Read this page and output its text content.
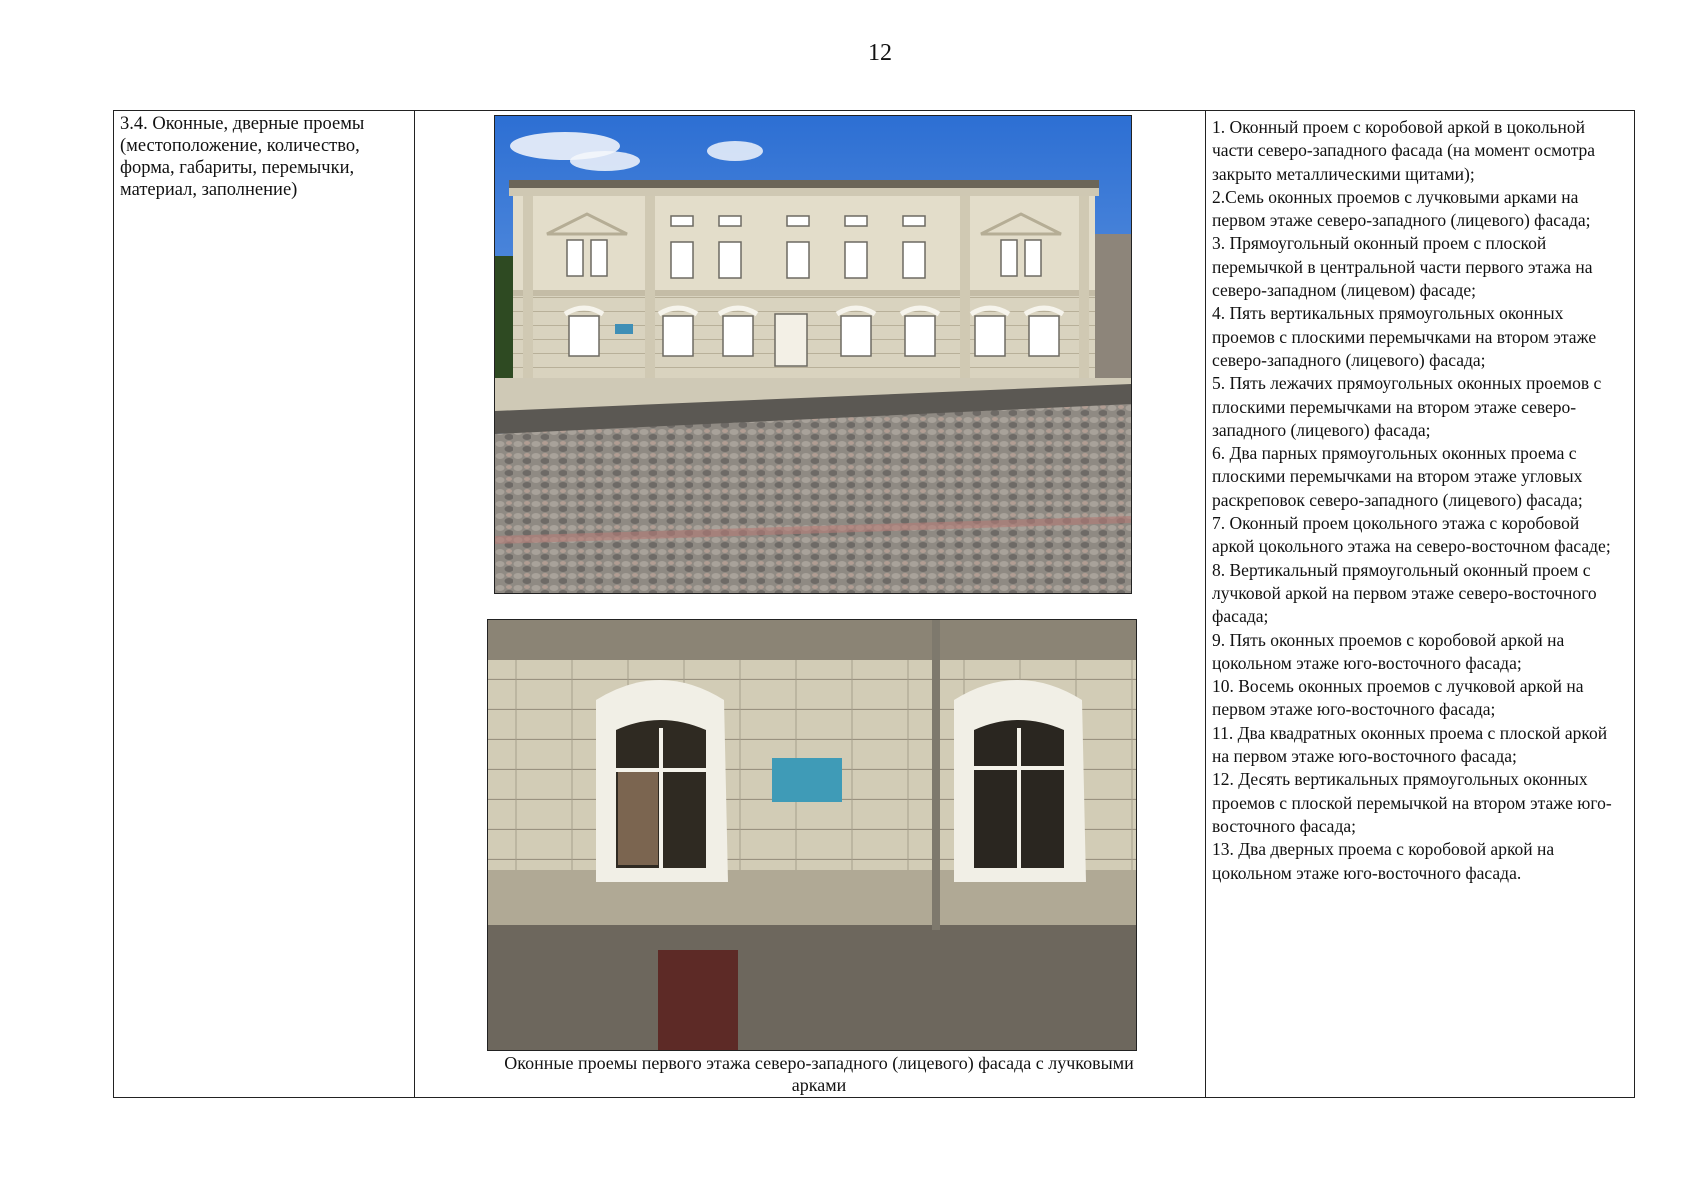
12
3.4. Оконные, дверные проемы (местоположение, количество, форма, габариты, перемычки, материал, заполнение)
Оконные проемы первого этажа северо-западного (лицевого) фасада с лучковыми арками

1. Оконный проем с коробовой аркой в цокольной части северо-западного фасада (на момент осмотра закрыто металлическими щитами);

2.Семь оконных проемов с лучковыми арками на первом этаже северо-западного (лицевого) фасада;

3. Прямоугольный оконный проем с плоской перемычкой в центральной части первого этажа на северо-западном (лицевом) фасаде;

4. Пять вертикальных прямоугольных оконных проемов с плоскими перемычками на втором этаже северо-западного (лицевого) фасада;

5. Пять лежачих прямоугольных оконных проемов с плоскими перемычками на втором этаже северо-западного (лицевого) фасада;

6. Два парных прямоугольных оконных проема с плоскими перемычками на втором этаже угловых раскреповок северо-западного (лицевого) фасада;

7. Оконный проем цокольного этажа с коробовой аркой цокольного этажа на северо-восточном фасаде;

8. Вертикальный прямоугольный оконный проем с лучковой аркой на первом этаже северо-восточного фасада;

9. Пять оконных проемов с коробовой аркой на цокольном этаже юго-восточного фасада;

10. Восемь оконных проемов с лучковой аркой на первом этаже юго-восточного фасада;

11. Два квадратных оконных проема с плоской аркой на первом этаже юго-восточного фасада;

12. Десять вертикальных прямоугольных оконных проемов с плоской перемычкой на втором этаже юго-восточного фасада;

13. Два дверных проема с коробовой аркой на цокольном этаже юго-восточного фасада.
